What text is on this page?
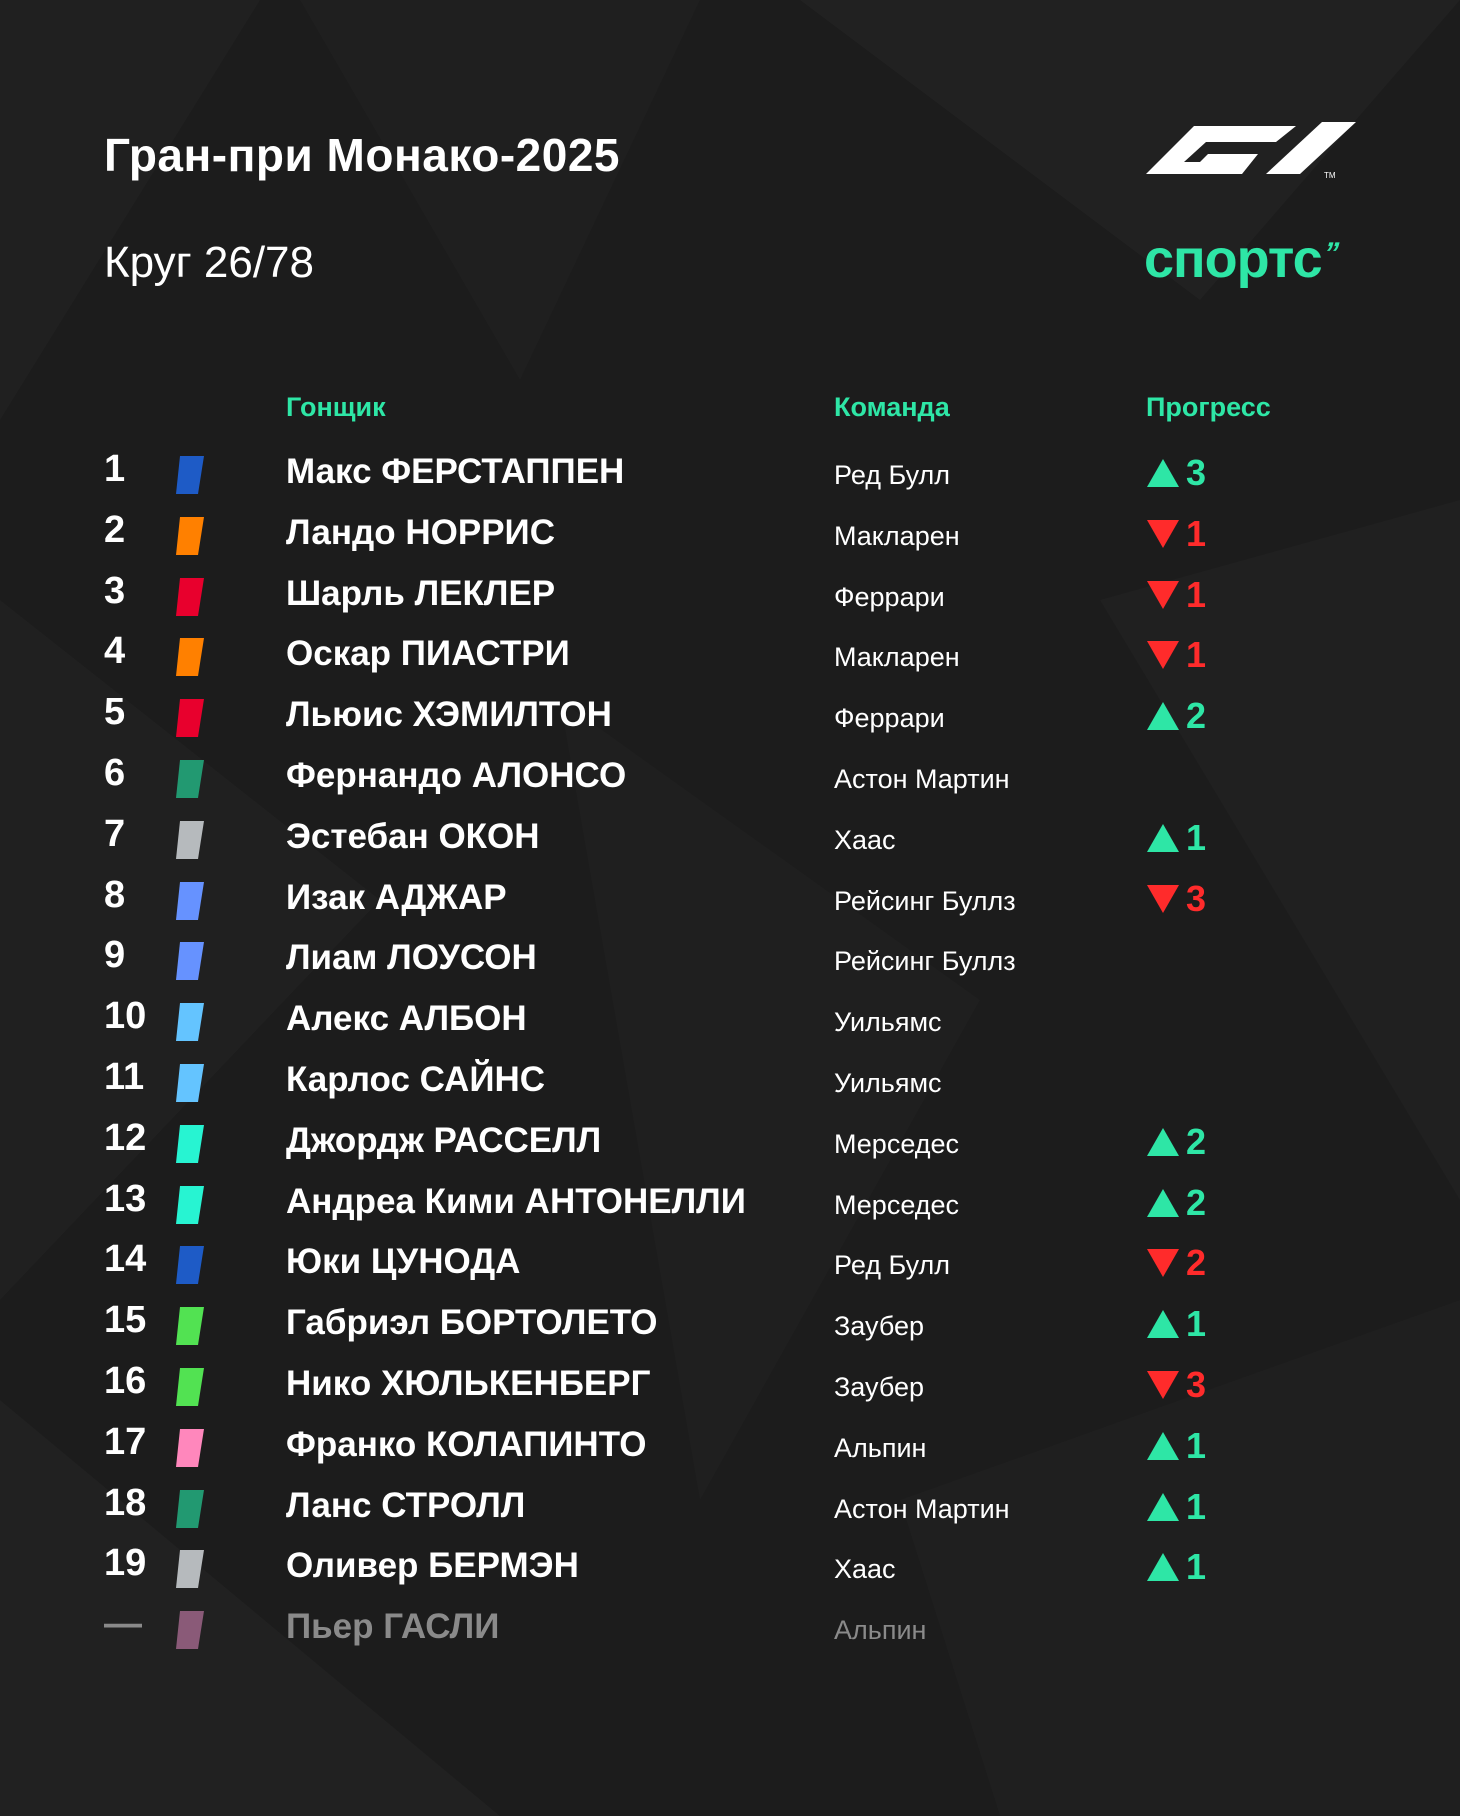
Гран-при Монако-2025
Круг 26/78
TM
спортс’’
Гонщик	Команда	Прогресс
1	Макс ФЕРСТАППЕН	Ред Булл	3
2	Ландо НОРРИС	Макларен	1
3	Шарль ЛЕКЛЕР	Феррари	1
4	Оскар ПИАСТРИ	Макларен	1
5	Льюис ХЭМИЛТОН	Феррари	2
6	Фернандо АЛОНСО	Астон Мартин
7	Эстебан ОКОН	Хаас	1
8	Изак АДЖАР	Рейсинг Буллз	3
9	Лиам ЛОУСОН	Рейсинг Буллз
10	Алекс АЛБОН	Уильямс
11	Карлос САЙНС	Уильямс
12	Джордж РАССЕЛЛ	Мерседес	2
13	Андреа Кими АНТОНЕЛЛИ	Мерседес	2
14	Юки ЦУНОДА	Ред Булл	2
15	Габриэл БОРТОЛЕТО	Заубер	1
16	Нико ХЮЛЬКЕНБЕРГ	Заубер	3
17	Франко КОЛАПИНТО	Альпин	1
18	Ланс СТРОЛЛ	Астон Мартин	1
19	Оливер БЕРМЭН	Хаас	1
—	Пьер ГАСЛИ	Альпин
